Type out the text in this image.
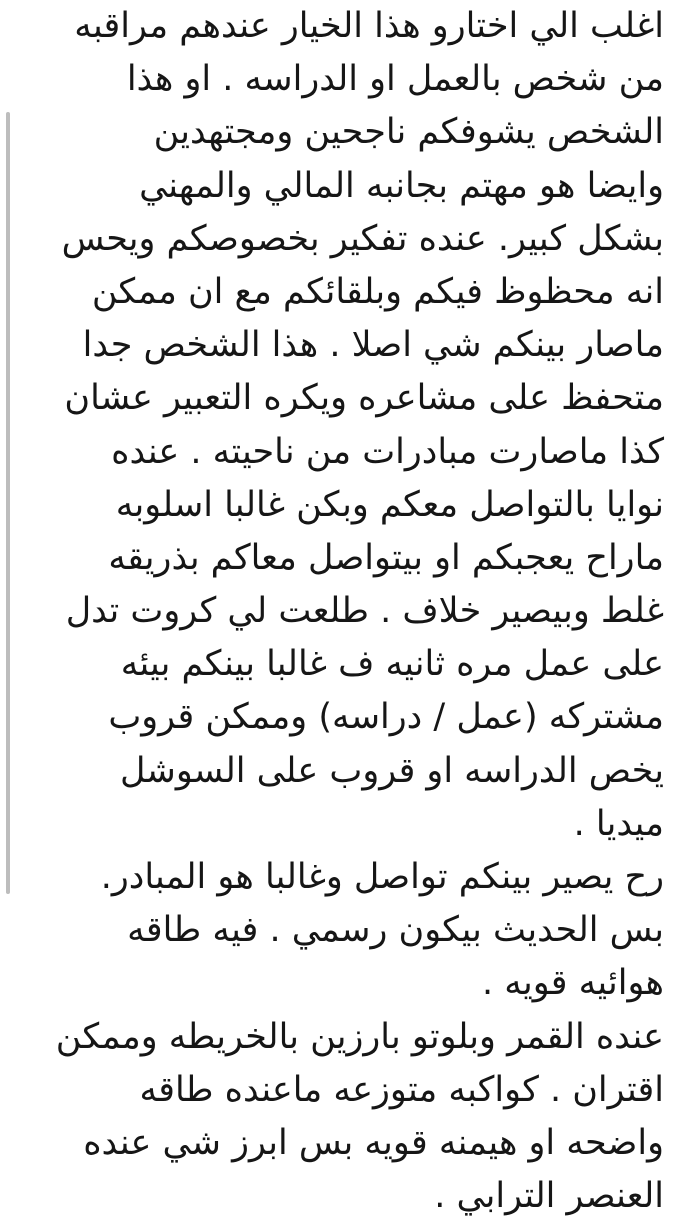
اغلب الي اختارو هذا الخيار عندهم مراقبه
من شخص بالعمل او الدراسه . او هذا
الشخص يشوفكم ناجحين ومجتهدين
وايضا هو مهتم بجانبه المالي والمهني
بشكل كبير. عنده تفكير بخصوصكم ويحس
انه محظوظ فيكم وبلقائكم مع ان ممكن
ماصار بينكم شي اصلا . هذا الشخص جدا
متحفظ على مشاعره ويكره التعبير عشان
كذا ماصارت مبادرات من ناحيته . عنده
نوايا بالتواصل معكم وبكن غالبا اسلوبه
ماراح يعجبكم او بيتواصل معاكم بذريقه
غلط وبيصير خلاف . طلعت لي كروت تدل
على عمل مره ثانيه ف غالبا بينكم بيئه
مشتركه (عمل / دراسه) وممكن قروب
يخص الدراسه او قروب على السوشل
ميديا .
رح يصير بينكم تواصل وغالبا هو المبادر.
بس الحديث بيكون رسمي . فيه طاقه
هوائيه قويه .
عنده القمر وبلوتو بارزين بالخريطه وممكن
اقتران . كواكبه متوزعه ماعنده طاقه
واضحه او هيمنه قويه بس ابرز شي عنده
العنصر الترابي .
